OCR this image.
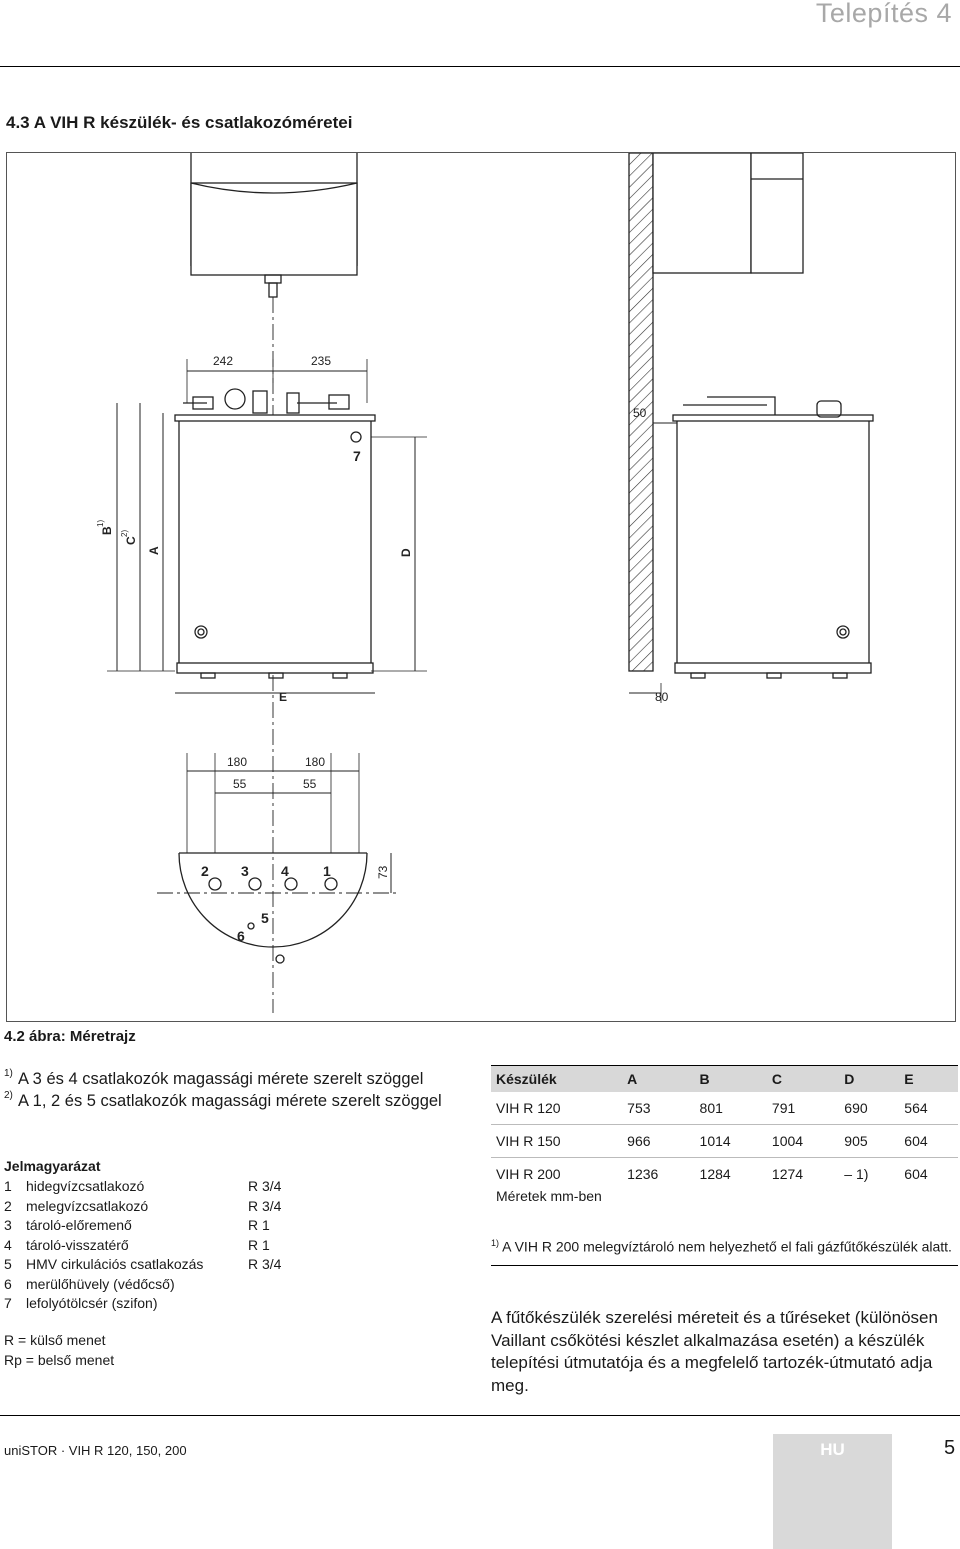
Telepítés 4
4.3 A VIH R készülék- és csatlakozóméretei
242	235
50
80
E
7
B
1)
C
2)
A	D
180	180
55	55
73
2 3 4 1
5
6
4.2 ábra: Méretrajz
1) A 3 és 4 csatlakozók magassági mérete szerelt szöggel
2) A 1, 2 és 5 csatlakozók magassági mérete szerelt szöggel
Jelmagyarázat
1	hidegvízcsatlakozó	R 3/4
2	melegvízcsatlakozó	R 3/4
3	tároló-előremenő	R 1
4	tároló-visszatérő	R 1
5	HMV cirkulációs csatlakozás	R 3/4
6	merülőhüvely (védőcső)
7	lefolyótölcsér (szifon)
R = külső menet
Rp = belső menet
Készülék	A	B	C	D	E
VIH R 120	753	801	791	690	564
VIH R 150	966	1014	1004	905	604
VIH R 200	1236	1284	1274	– 1)	604
Méretek mm-ben
$^{1)}$ A VIH R 200 melegvíztároló nem helyezhető el fali gázfűtőkészülék alatt.
A fűtőkészülék szerelési méreteit és a tűréseket (különösen Vaillant csőkötési készlet alkalmazása esetén) a készülék telepítési útmutatója és a megfelelő tartozék-útmutató adja meg.
uniSTOR · VIH R 120, 150, 200	HU	5
